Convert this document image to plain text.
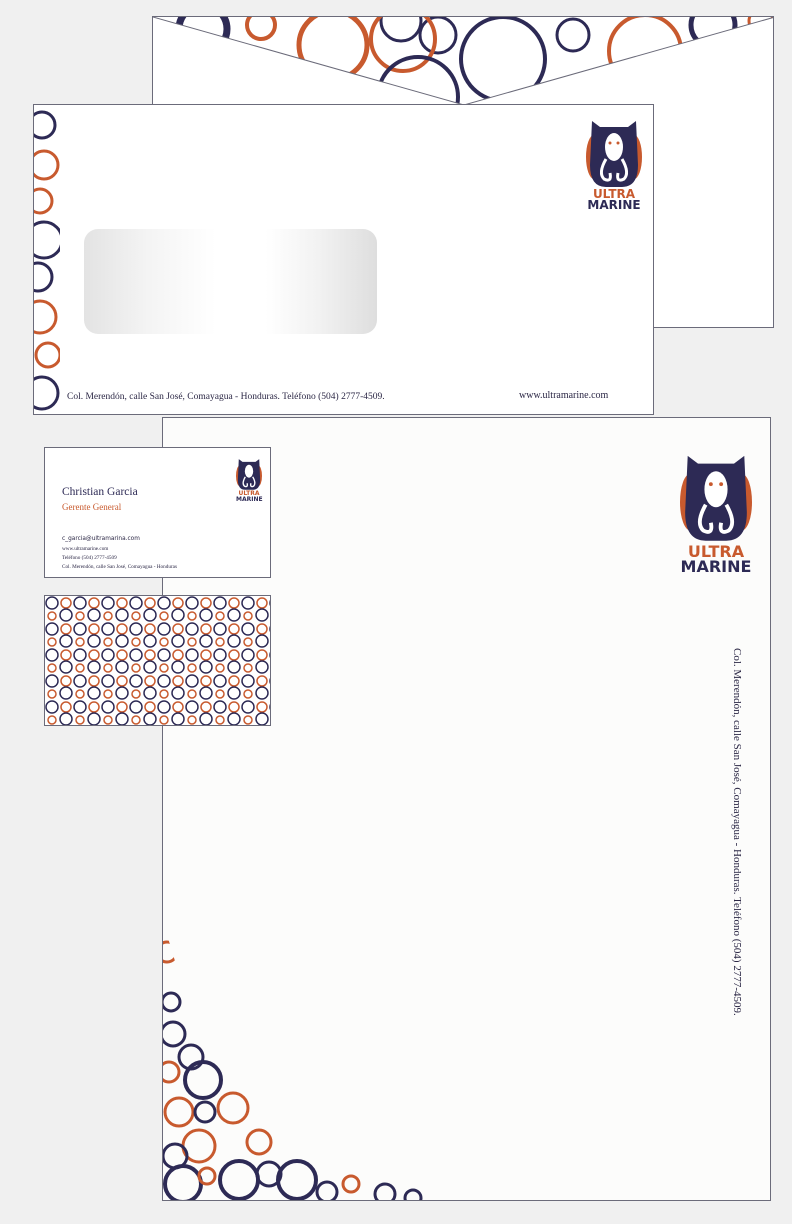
ULTRA
MARINE
Col. Merendón, calle San José, Comayagua - Honduras. Teléfono (504) 2777-4509.	www.ultramarine.com
ULTRA
MARINE
Col. Merendón, calle San José, Comayagua - Honduras. Teléfono (504) 2777-4509.
ULTRA
MARINE
Christian Garcia
Gerente General
c_garcia@ultramarina.com
www.ultramarine.com
Teléfono (504) 2777-4509
Col. Merendón, calle San José, Comayagua - Honduras
